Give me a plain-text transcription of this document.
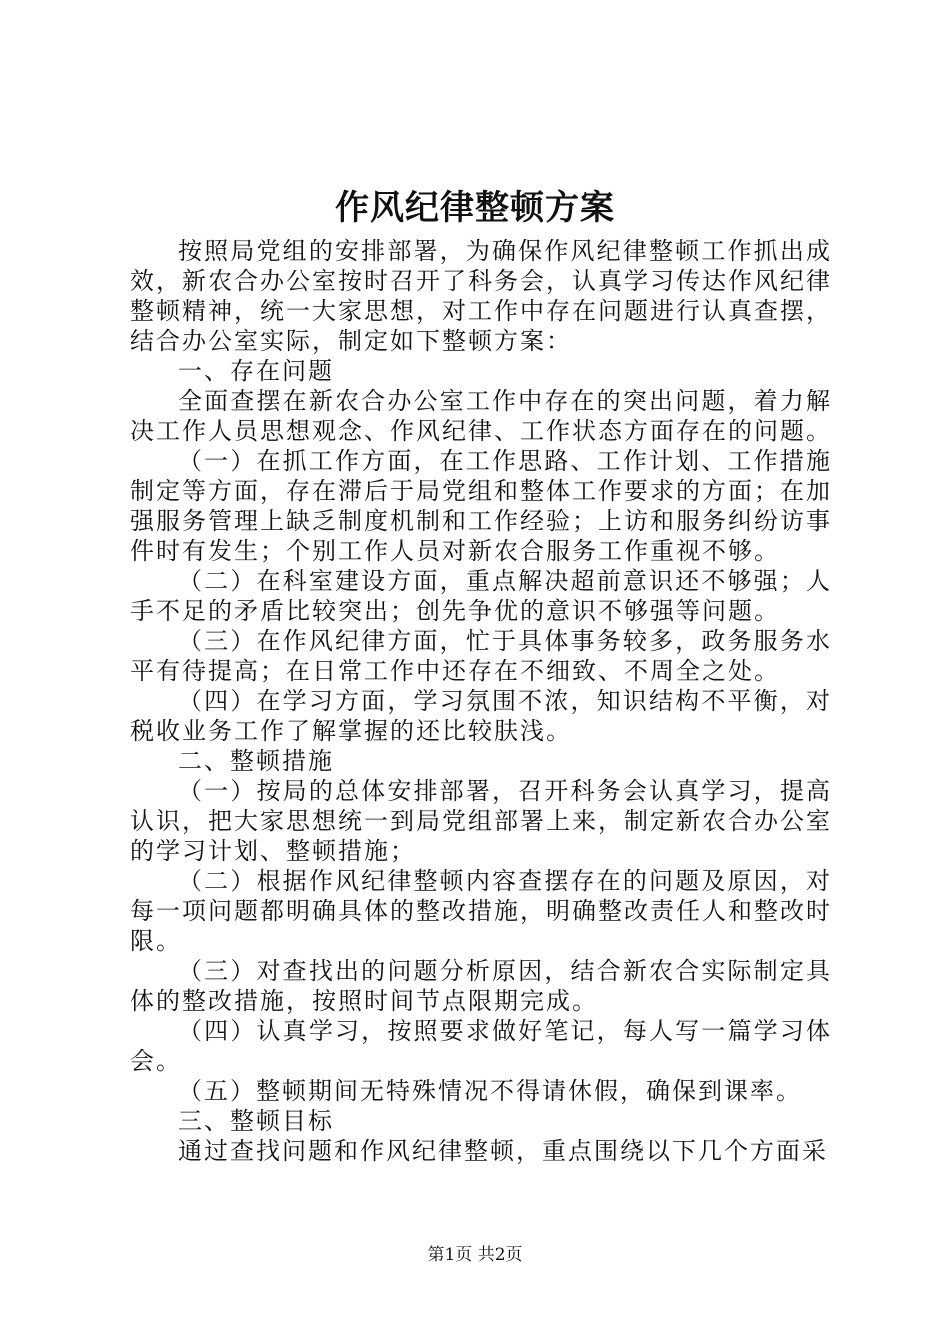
作风纪律整顿方案

按照局党组的安排部署，为确保作风纪律整顿工作抓出成效，新农合办公室按时召开了科务会，认真学习传达作风纪律整顿精神，统一大家思想，对工作中存在问题进行认真查摆，结合办公室实际，制定如下整顿方案：

一、存在问题

全面查摆在新农合办公室工作中存在的突出问题，着力解决工作人员思想观念、作风纪律、工作状态方面存在的问题。

（一）在抓工作方面，在工作思路、工作计划、工作措施制定等方面，存在滞后于局党组和整体工作要求的方面；在加强服务管理上缺乏制度机制和工作经验；上访和服务纠纷访事件时有发生；个别工作人员对新农合服务工作重视不够。

（二）在科室建设方面，重点解决超前意识还不够强；人手不足的矛盾比较突出；创先争优的意识不够强等问题。

（三）在作风纪律方面，忙于具体事务较多，政务服务水平有待提高；在日常工作中还存在不细致、不周全之处。

（四）在学习方面，学习氛围不浓，知识结构不平衡，对税收业务工作了解掌握的还比较肤浅。

二、整顿措施

（一）按局的总体安排部署，召开科务会认真学习，提高认识，把大家思想统一到局党组部署上来，制定新农合办公室的学习计划、整顿措施；

（二）根据作风纪律整顿内容查摆存在的问题及原因，对每一项问题都明确具体的整改措施，明确整改责任人和整改时限。

（三）对查找出的问题分析原因，结合新农合实际制定具体的整改措施，按照时间节点限期完成。

（四）认真学习，按照要求做好笔记，每人写一篇学习体会。

（五）整顿期间无特殊情况不得请休假，确保到课率。

三、整顿目标

通过查找问题和作风纪律整顿，重点围绕以下几个方面采

第1页 共2页
